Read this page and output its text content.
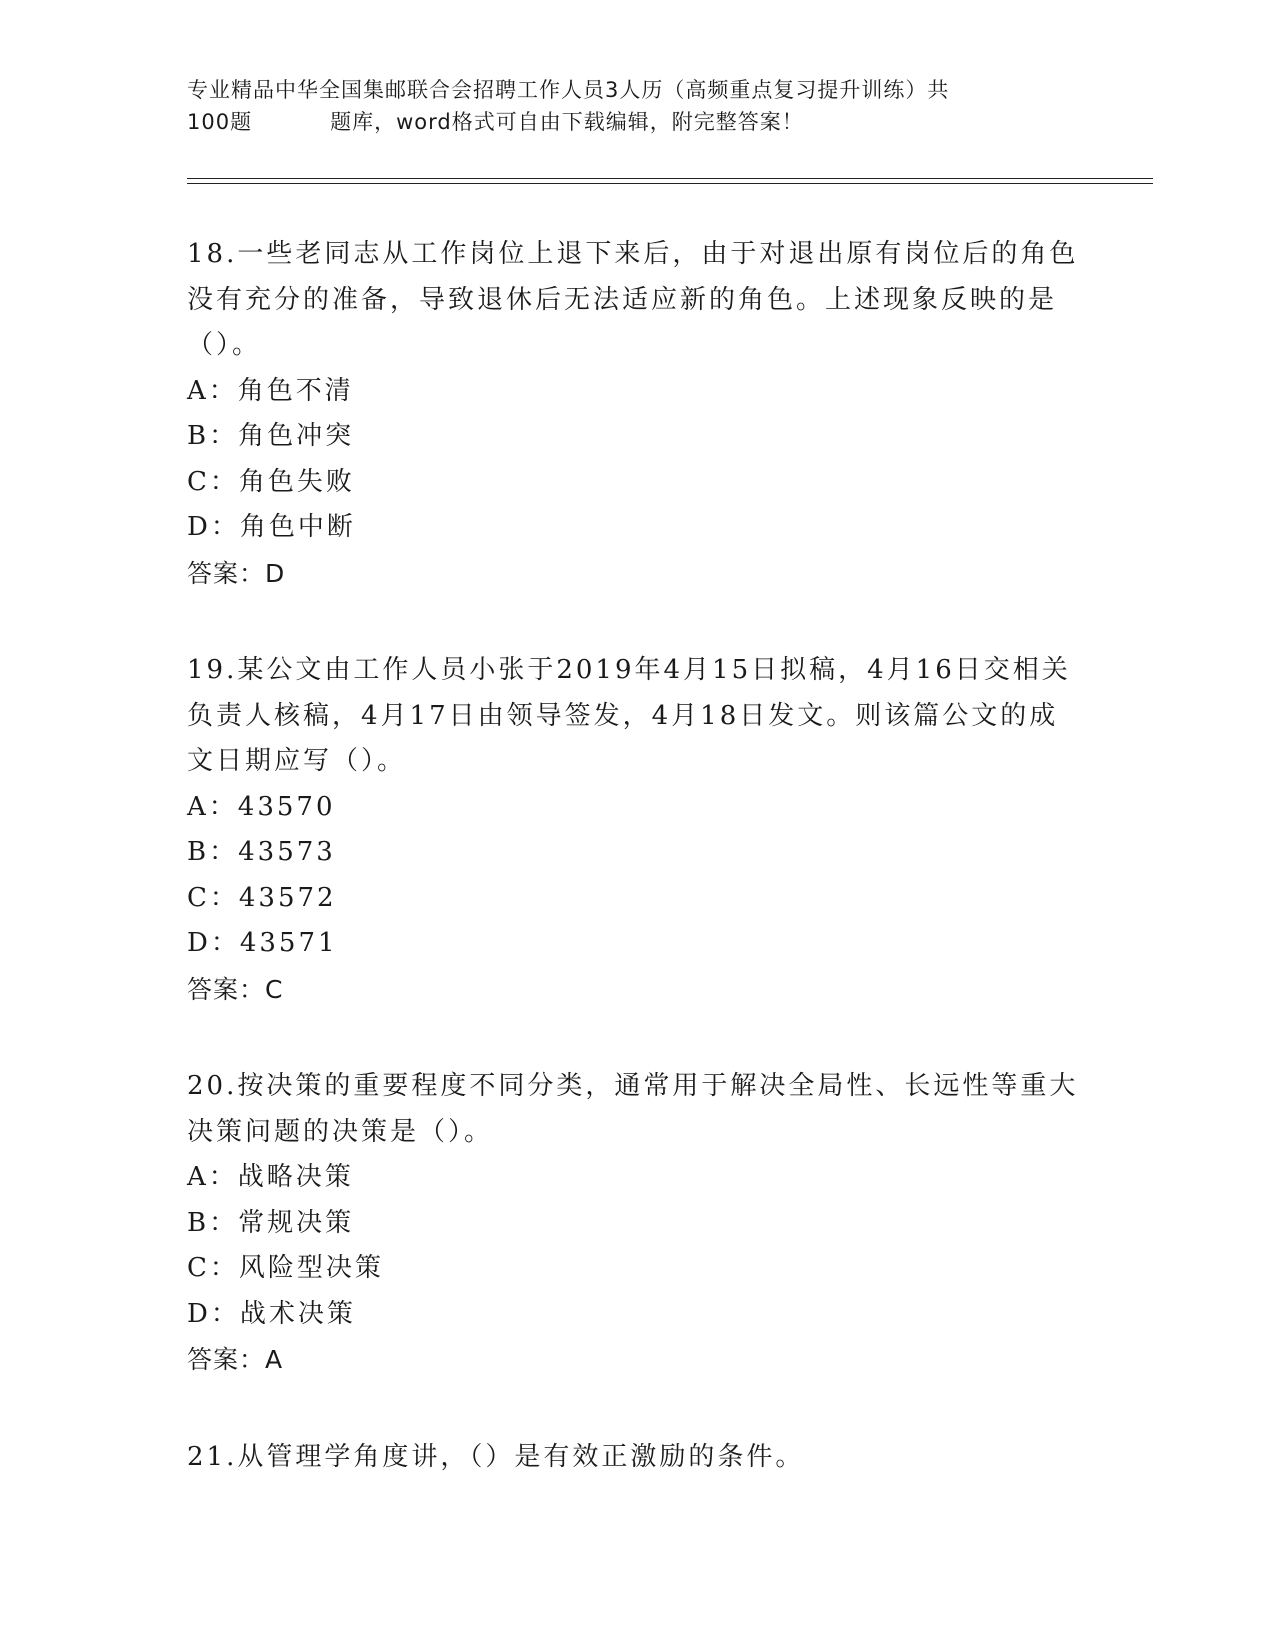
专业精品中华全国集邮联合会招聘工作人员3人历（高频重点复习提升训练）共
100题	题库，word格式可自由下载编辑，附完整答案！

18.一些老同志从工作岗位上退下来后，由于对退出原有岗位后的角色没有充分的准备，导致退休后无法适应新的角色。上述现象反映的是（）。

A：角色不清

B：角色冲突

C：角色失败

D：角色中断

答案：D

19.某公文由工作人员小张于2019年4月15日拟稿，4月16日交相关负责人核稿，4月17日由领导签发，4月18日发文。则该篇公文的成文日期应写（）。

A：43570

B：43573

C：43572

D：43571

答案：C

20.按决策的重要程度不同分类，通常用于解决全局性、长远性等重大决策问题的决策是（）。

A：战略决策

B：常规决策

C：风险型决策

D：战术决策

答案：A

21.从管理学角度讲，（）是有效正激励的条件。
